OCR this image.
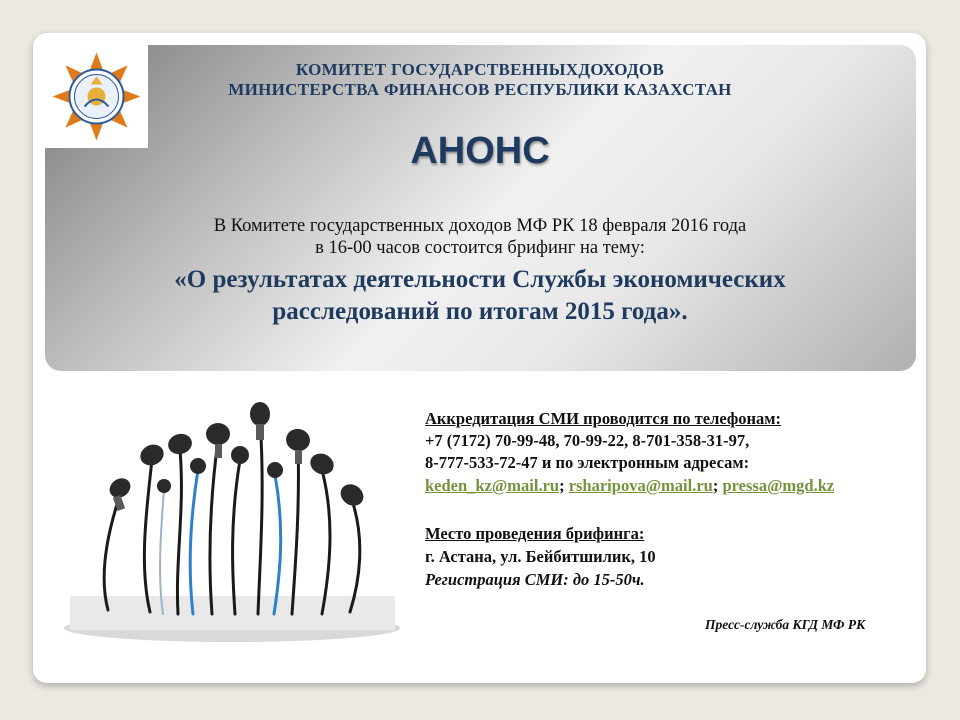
КОМИТЕТ ГОСУДАРСТВЕННЫХДОХОДОВ
МИНИСТЕРСТВА ФИНАНСОВ РЕСПУБЛИКИ КАЗАХСТАН
АНОНС
В Комитете государственных доходов МФ РК 18 февраля 2016 года
в 16-00 часов состоится брифинг на тему:
«О результатах деятельности Службы экономических
расследований по итогам 2015 года».
Аккредитация СМИ проводится по телефонам:
+7 (7172) 70-99-48, 70-99-22, 8-701-358-31-97,
8-777-533-72-47 и по электронным адресам:
keden_kz@mail.ru; rsharipova@mail.ru; pressa@mgd.kz
Место проведения брифинга:
г. Астана, ул. Бейбитшилик, 10
Регистрация СМИ: до 15-50ч.
Пресс-служба КГД МФ РК
